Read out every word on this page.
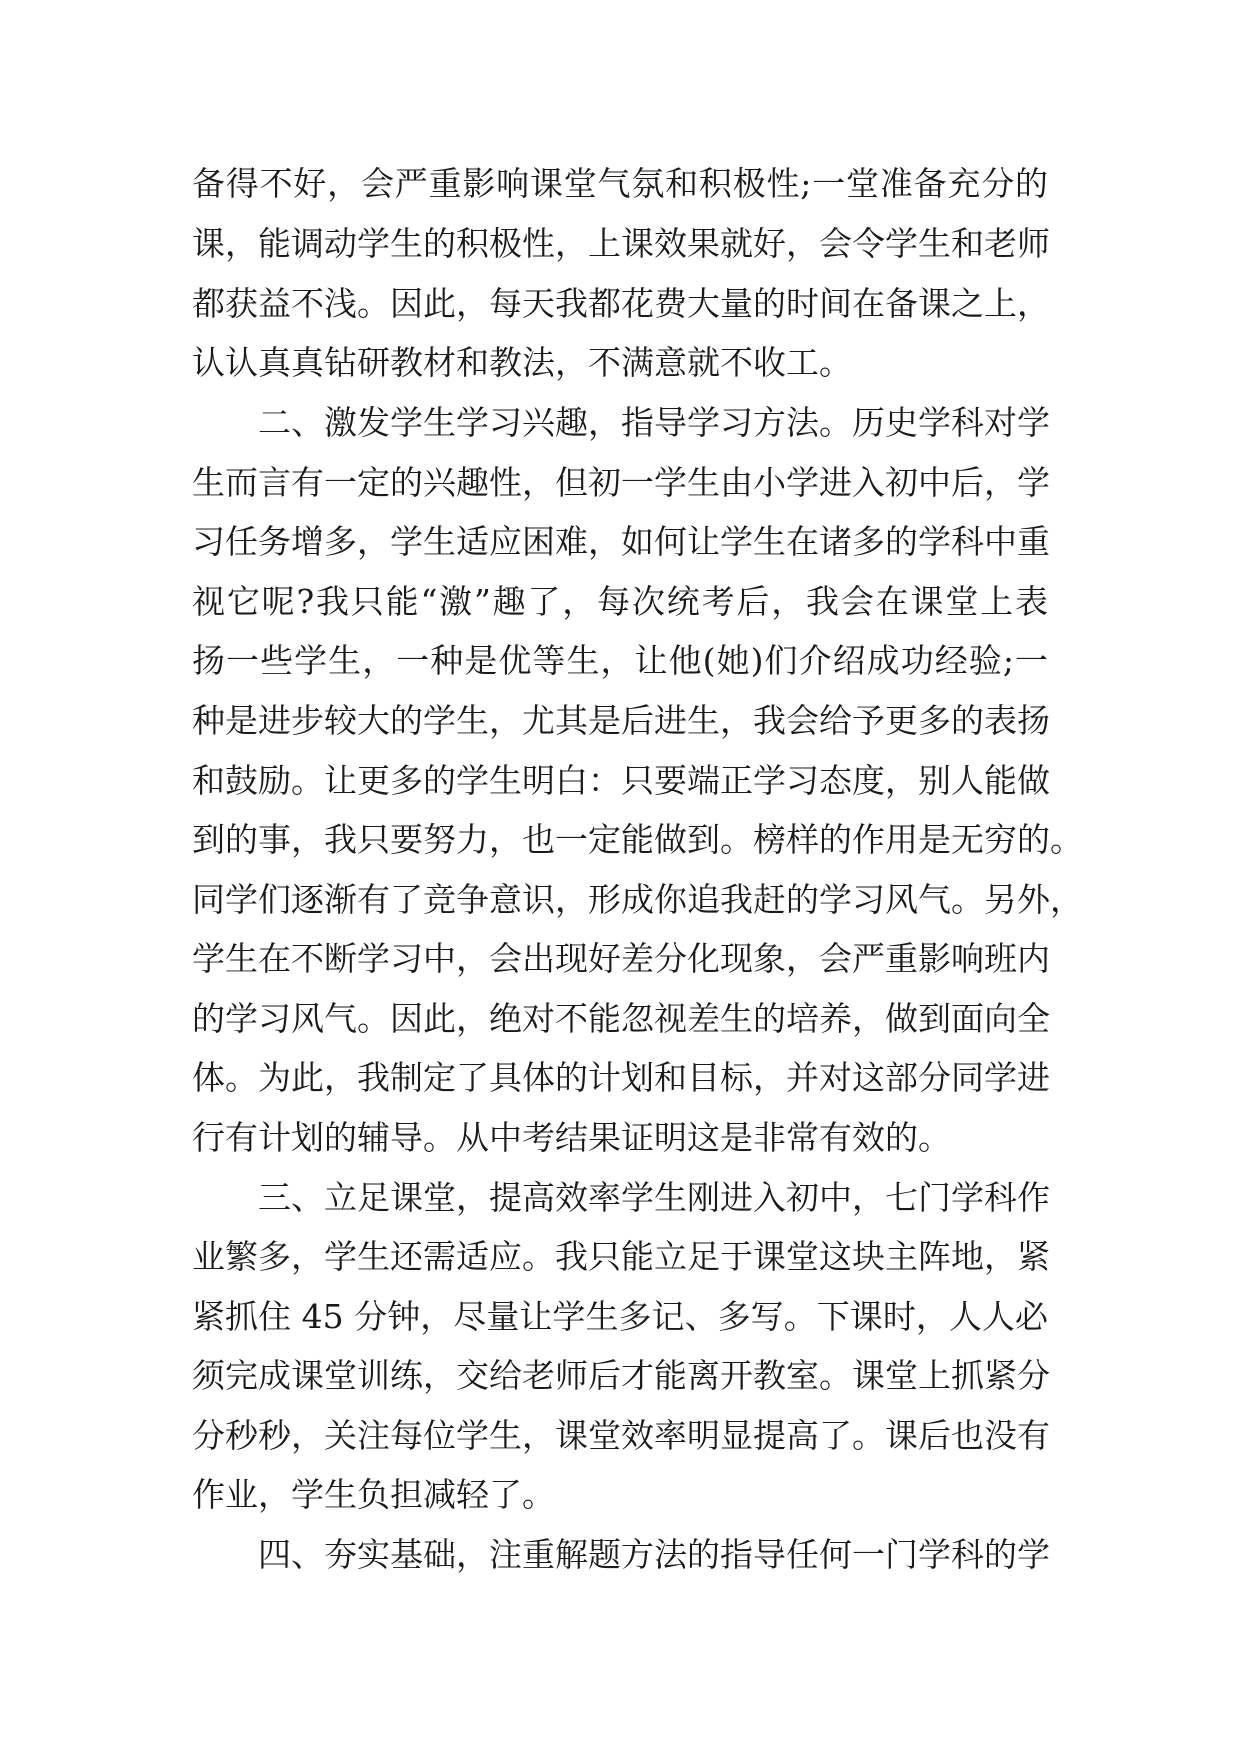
备得不好，会严重影响课堂气氛和积极性;一堂准备充分的
课，能调动学生的积极性，上课效果就好，会令学生和老师
都获益不浅。因此，每天我都花费大量的时间在备课之上，
认认真真钻研教材和教法，不满意就不收工。
二、激发学生学习兴趣，指导学习方法。历史学科对学
生而言有一定的兴趣性，但初一学生由小学进入初中后，学
习任务增多，学生适应困难，如何让学生在诸多的学科中重
视它呢?我只能“激”趣了，每次统考后，我会在课堂上表
扬一些学生，一种是优等生，让他(她)们介绍成功经验;一
种是进步较大的学生，尤其是后进生，我会给予更多的表扬
和鼓励。让更多的学生明白：只要端正学习态度，别人能做
到的事，我只要努力，也一定能做到。榜样的作用是无穷的。
同学们逐渐有了竞争意识，形成你追我赶的学习风气。另外，
学生在不断学习中，会出现好差分化现象，会严重影响班内
的学习风气。因此，绝对不能忽视差生的培养，做到面向全
体。为此，我制定了具体的计划和目标，并对这部分同学进
行有计划的辅导。从中考结果证明这是非常有效的。
三、立足课堂，提高效率学生刚进入初中，七门学科作
业繁多，学生还需适应。我只能立足于课堂这块主阵地，紧
紧抓住 45 分钟，尽量让学生多记、多写。下课时，人人必
须完成课堂训练，交给老师后才能离开教室。课堂上抓紧分
分秒秒，关注每位学生，课堂效率明显提高了。课后也没有
作业，学生负担减轻了。
四、夯实基础，注重解题方法的指导任何一门学科的学
